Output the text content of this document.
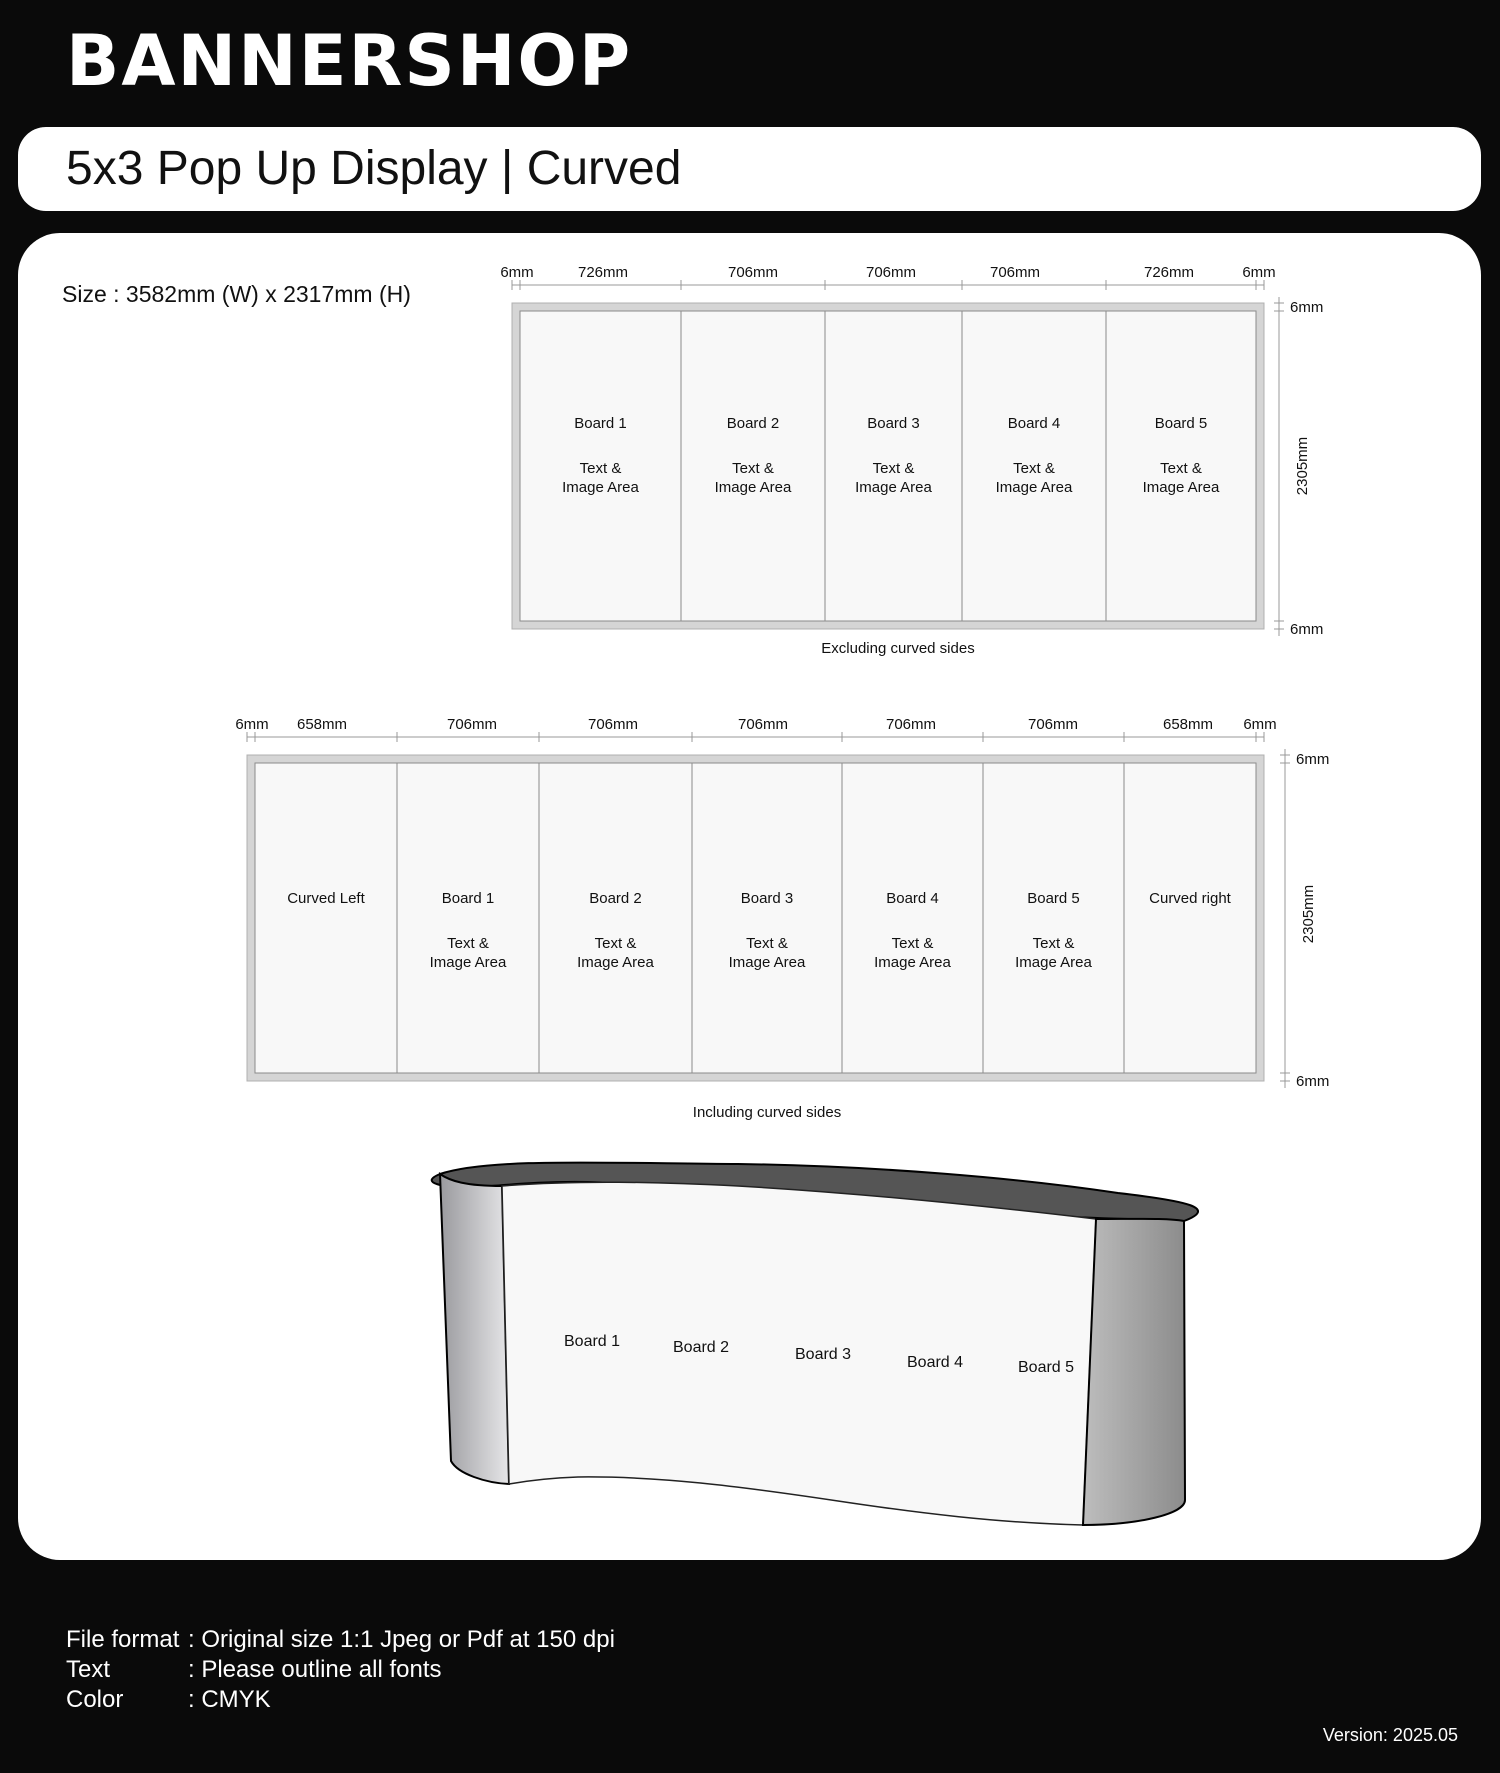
BANNERSHOP
5x3 Pop Up Display | Curved
Size : 3582mm (W) x 2317mm (H)
Board 1
Text &
Image Area
Board 2
Text &
Image Area
Board 3
Text &
Image Area
Board 4
Text &
Image Area
Board 5
Text &
Image Area
6mm	726mm	706mm	706mm	706mm	726mm	6mm
6mm
2305mm
6mm
Excluding curved sides
Curved Left	Board 1
Text &
Image Area
Board 2
Text &
Image Area
Board 3
Text &
Image Area
Board 4
Text &
Image Area
Board 5
Text &
Image Area
Curved right
6mm 658mm	706mm	706mm	706mm	706mm	706mm	658mm 6mm
6mm
2305mm
6mm
Including curved sides
Board 1	Board 2	Board 3	Board 4	Board 5
File format : Original size 1:1 Jpeg or Pdf at 150 dpi
Text	: Please outline all fonts
Color	: CMYK
Version: 2025.05
